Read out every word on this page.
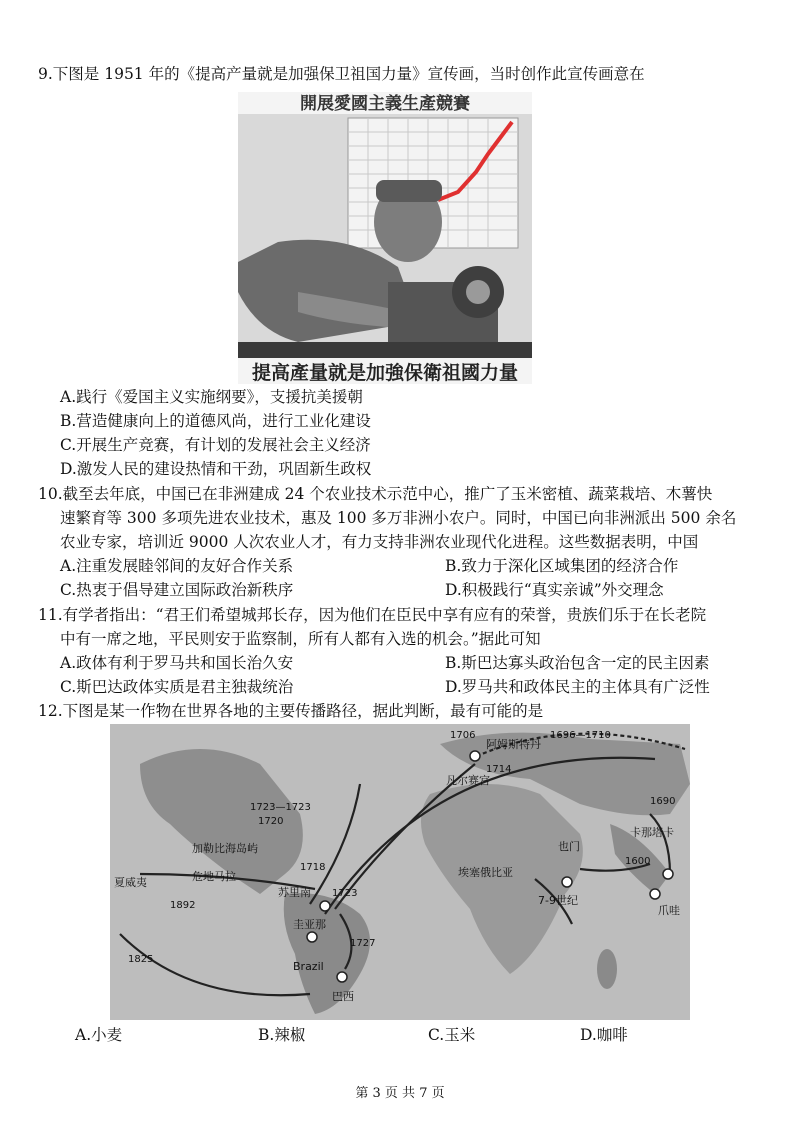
9.下图是 1951 年的《提高产量就是加强保卫祖国力量》宣传画，当时创作此宣传画意在
開展愛國主義生產競賽
提高產量就是加強保衛祖國力量
A.践行《爱国主义实施纲要》，支援抗美援朝
B.营造健康向上的道德风尚，进行工业化建设
C.开展生产竞赛，有计划的发展社会主义经济
D.激发人民的建设热情和干劲，巩固新生政权
10.截至去年底，中国已在非洲建成 24 个农业技术示范中心，推广了玉米密植、蔬菜栽培、木薯快
速繁育等 300 多项先进农业技术，惠及 100 多万非洲小农户。同时，中国已向非洲派出 500 余名
农业专家，培训近 9000 人次农业人才，有力支持非洲农业现代化进程。这些数据表明，中国
A.注重发展睦邻间的友好合作关系	B.致力于深化区域集团的经济合作
C.热衷于倡导建立国际政治新秩序	D.积极践行“真实亲诚”外交理念
11.有学者指出：“君王们希望城邦长存，因为他们在臣民中享有应有的荣誉，贵族们乐于在长老院
中有一席之地，平民则安于监察制，所有人都有入选的机会。”据此可知
A.政体有利于罗马共和国长治久安	B.斯巴达寡头政治包含一定的民主因素
C.斯巴达政体实质是君主独裁统治	D.罗马共和政体民主的主体具有广泛性
12.下图是某一作物在世界各地的主要传播路径，据此判断，最有可能的是
夏威夷	危地马拉
加勒比海岛屿
苏里南
圭亚那
Brazil
巴西
埃塞俄比亚
也门
卡那塔卡
爪哇
阿姆斯特丹
凡尔赛宫
7-9世纪
1892
1825
1720
1718
1723
1727
1714
1706
1600
1690
1723—1723
1696—1710
A.小麦	B.辣椒	C.玉米	D.咖啡
第 3 页 共 7 页
